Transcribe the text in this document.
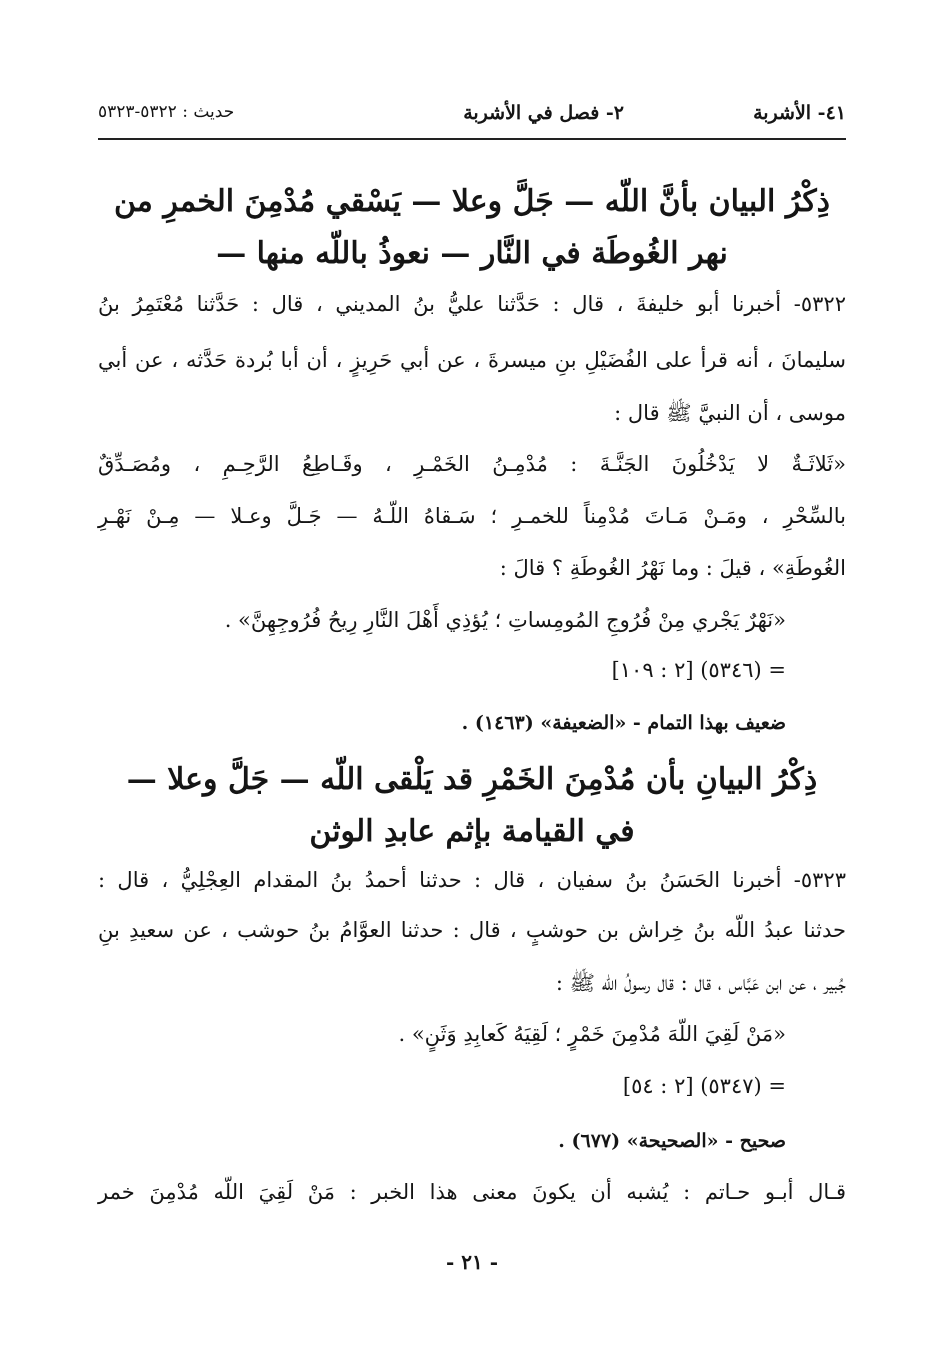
٤١- الأشربة
٢- فصل في الأشربة
حديث : ٥٣٢٢-٥٣٢٣
ذِكْرُ البيان بأنَّ اللّه — جَلَّ وعلا — يَسْقي مُدْمِنَ الخمرِ من
نهر الغُوطَة في النَّار — نعوذُ باللّه منها —
٥٣٢٢- أخبرنا أبو خليفةَ ، قال : حَدَّثنا عليُّ بنُ المديني ، قال : حَدَّثنا مُعْتَمِرُ بنُ
سليمانَ ، أنه قرأ على الفُضَيْلِ بنِ ميسرةَ ، عن أبي حَرِيزٍ ، أن أبا بُردة حَدَّثه ، عن أبي
موسى ، أن النبيَّ ﷺ قال :
«ثَلاثَـةٌ لا يَدْخُلُونَ الجَنَّـةَ : مُدْمِـنُ الخَمْـرِ ، وقَـاطِعُ الرَّحِـمِ ، ومُصَـدِّقٌ
بالسِّحْرِ ، ومَـنْ مَـاتَ مُدْمِناً للخمـرِ ؛ سَـقاهُ اللّـهُ — جَـلَّ وعـلا — مِـنْ نَهْـرِ
الغُوطَةِ» ، قيلَ : وما نَهْرُ الغُوطَةِ ؟ قالَ :
«نَهْرٌ يَجْري مِنْ فُرُوجِ المُومِساتِ ؛ يُؤذِي أَهْلَ النَّارِ رِيحُ فُرُوجِهِنَّ» .
= (٥٣٤٦) [٢ : ١٠٩]
ضعيف بهذا التمام - «الضعيفة» (١٤٦٣) .
ذِكْرُ البيانِ بأن مُدْمِنَ الخَمْرِ قد يَلْقى اللّه — جَلَّ وعلا —
في القيامة بإثم عابدِ الوثن
٥٣٢٣- أخبرنا الحَسَنُ بنُ سفيان ، قال : حدثنا أحمدُ بنُ المقدام العِجْلِيُّ ، قال :
حدثنا عبدُ اللّه بنُ خِراش بن حوشبٍ ، قال : حدثنا العوَّامُ بنُ حوشب ، عن سعيدِ بنِ
جُبير ، عن ابن عَبَّاس ، قال : قال رسولُ اللّه ﷺ :
«مَنْ لَقِيَ اللّهَ مُدْمِنَ خَمْرٍ ؛ لَقِيَهُ كَعابِدِ وَثَنٍ» .
= (٥٣٤٧) [٢ : ٥٤]
صحيح - «الصحيحة» (٦٧٧) .
قـال أبـو حـاتم : يُشبه أن يكونَ معنى هذا الخبر : مَنْ لَقِيَ اللّه مُدْمِنَ خمر
- ٢١ -
